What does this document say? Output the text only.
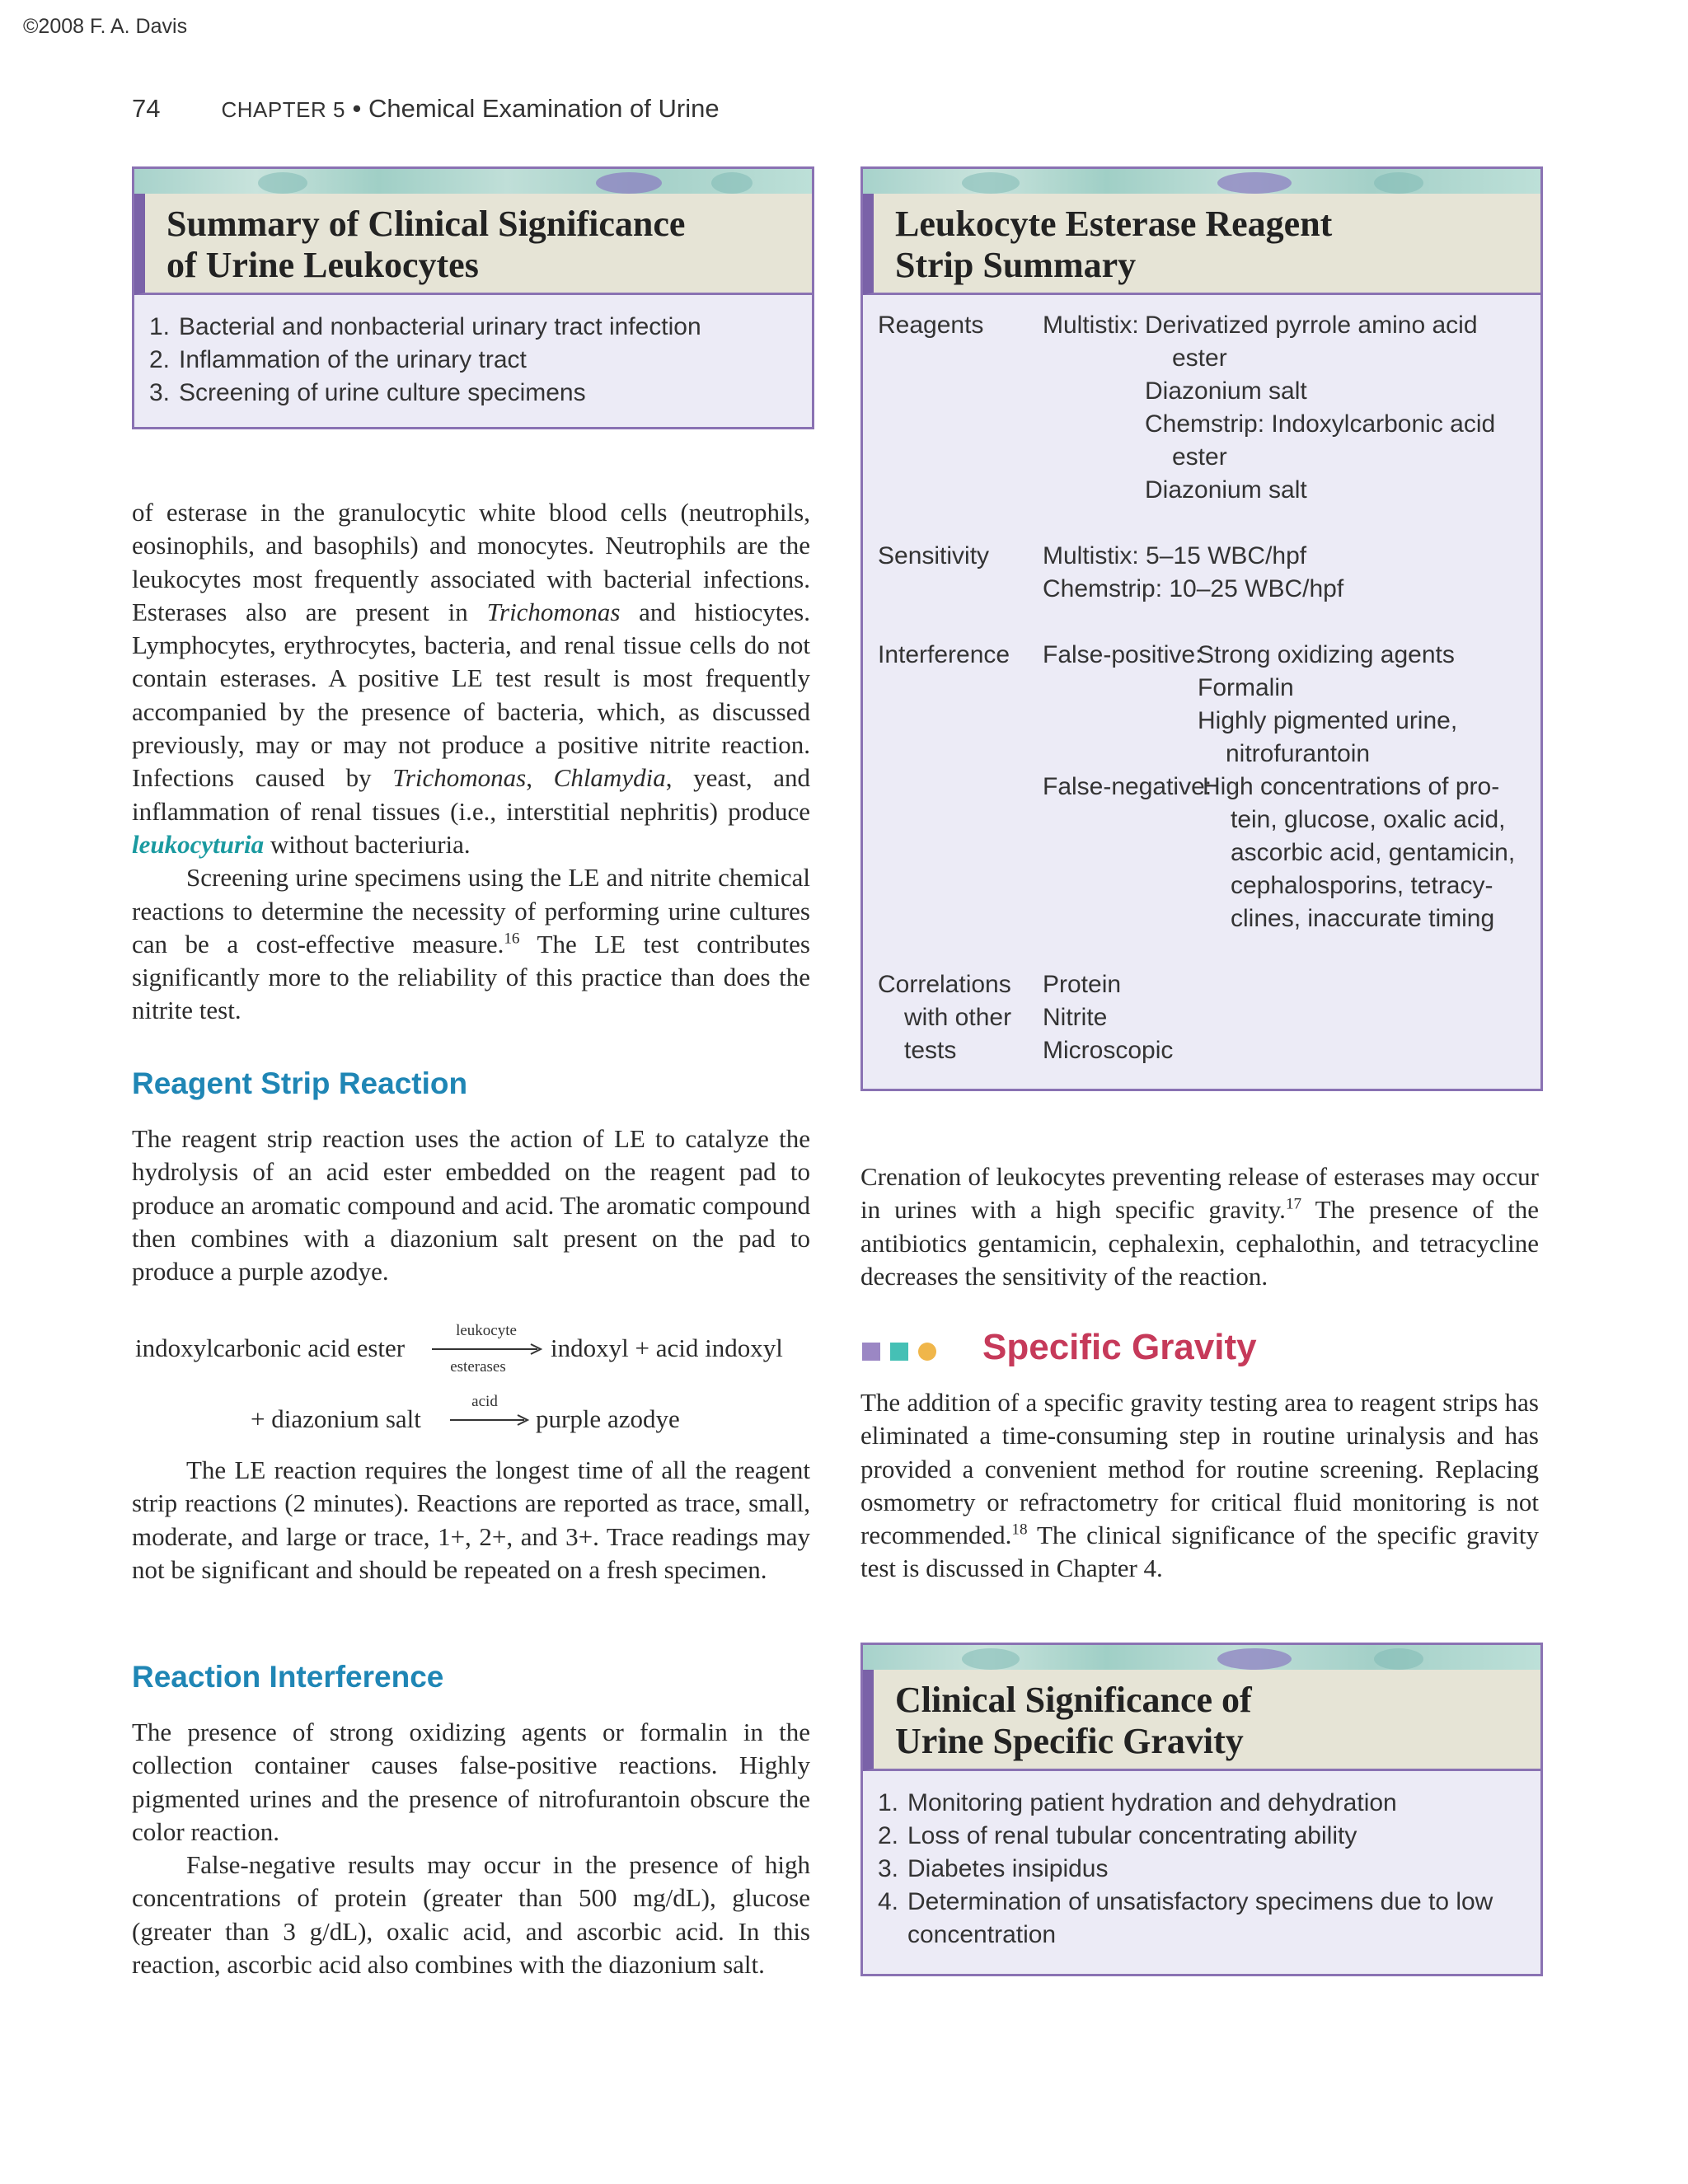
©2008 F. A. Davis
74	CHAPTER 5 • Chemical Examination of Urine
Summary of Clinical Significance
of Urine Leukocytes
1. Bacterial and nonbacterial urinary tract infection
2. Inflammation of the urinary tract
3. Screening of urine culture specimens
Leukocyte Esterase Reagent
Strip Summary
Reagents Multistix: Derivatized pyrrole amino acid
ester
Diazonium salt
Chemstrip: Indoxylcarbonic acid
ester
Diazonium salt
Sensitivity Multistix: 5–15 WBC/hpf
Chemstrip: 10–25 WBC/hpf
Interference False-positive:
Strong oxidizing agents
Formalin
Highly pigmented urine,
nitrofurantoin
False-negative:
High concentrations of pro-
tein, glucose, oxalic acid,
ascorbic acid, gentamicin,
cephalosporins, tetracy-
clines, inaccurate timing
Correlations
with other
tests
Protein
Nitrite
Microscopic

of esterase in the granulocytic white blood cells (neutrophils, eosinophils, and basophils) and monocytes. Neutrophils are the leukocytes most frequently associated with bacterial infections. Esterases also are present in Trichomonas and histiocytes. Lymphocytes, erythrocytes, bacteria, and renal tissue cells do not contain esterases. A positive LE test result is most frequently accompanied by the presence of bacteria, which, as discussed previously, may or may not produce a positive nitrite reaction. Infections caused by Trichomonas, Chlamydia, yeast, and inflammation of renal tissues (i.e., interstitial nephritis) produce leukocyturia without bacteriuria.

Screening urine specimens using the LE and nitrite chemical reactions to determine the necessity of performing urine cultures can be a cost-effective measure.$^{16}$ The LE test contributes significantly more to the reliability of this practice than does the nitrite test.

Reagent Strip Reaction

The reagent strip reaction uses the action of LE to catalyze the hydrolysis of an acid ester embedded on the reagent pad to produce an aromatic compound and acid. The aromatic compound then combines with a diazonium salt present on the pad to produce a purple azodye.

indoxylcarbonic acid ester
leukocyte
esterases
indoxyl + acid indoxyl
+ diazonium salt
acid
purple azodye

The LE reaction requires the longest time of all the reagent strip reactions (2 minutes). Reactions are reported as trace, small, moderate, and large or trace, 1+, 2+, and 3+. Trace readings may not be significant and should be repeated on a fresh specimen.

Reaction Interference

The presence of strong oxidizing agents or formalin in the collection container causes false-positive reactions. Highly pigmented urines and the presence of nitrofurantoin obscure the color reaction.

False-negative results may occur in the presence of high concentrations of protein (greater than 500 mg/dL), glucose (greater than 3 g/dL), oxalic acid, and ascorbic acid. In this reaction, ascorbic acid also combines with the diazonium salt.

Crenation of leukocytes preventing release of esterases may occur in urines with a high specific gravity.$^{17}$ The presence of the antibiotics gentamicin, cephalexin, cephalothin, and tetracycline decreases the sensitivity of the reaction.

Specific Gravity

The addition of a specific gravity testing area to reagent strips has eliminated a time-consuming step in routine urinalysis and has provided a convenient method for routine screening. Replacing osmometry or refractometry for critical fluid monitoring is not recommended.$^{18}$ The clinical significance of the specific gravity test is discussed in Chapter 4.

Clinical Significance of
Urine Specific Gravity
1. Monitoring patient hydration and dehydration
2. Loss of renal tubular concentrating ability
3. Diabetes insipidus
4. Determination of unsatisfactory specimens due to low concentration
